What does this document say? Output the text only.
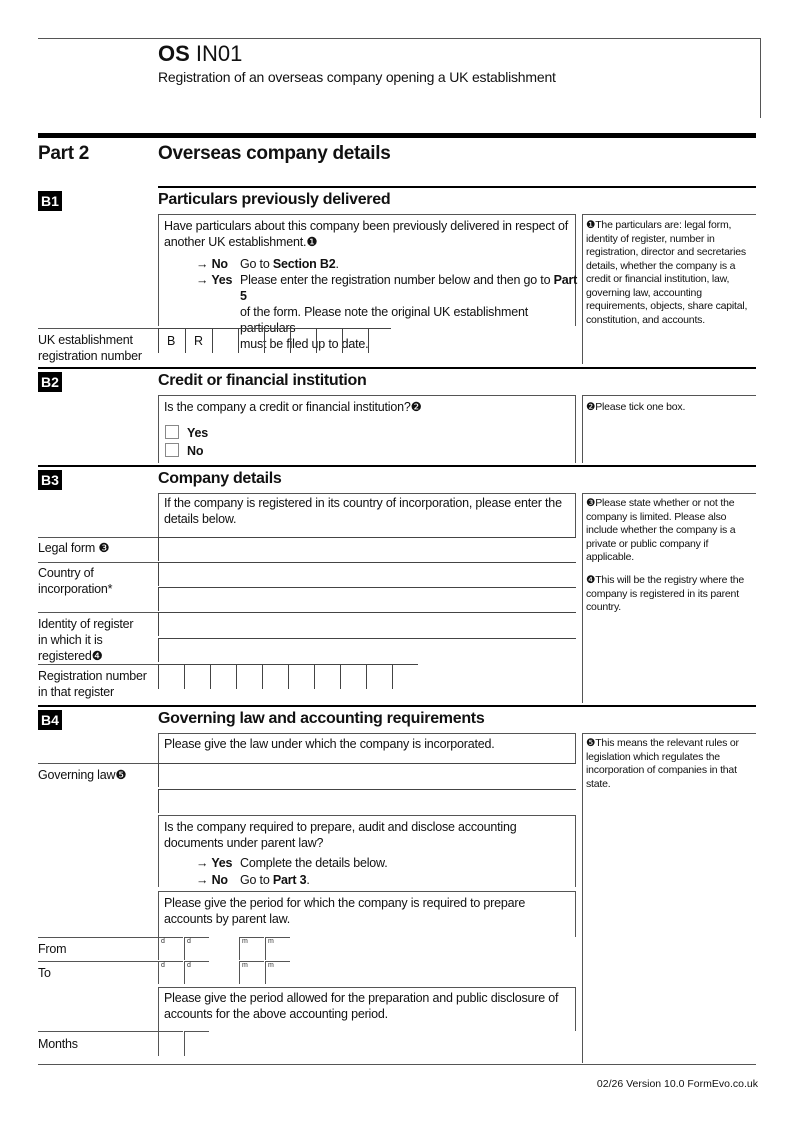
OS IN01
Registration of an overseas company opening a UK establishment
Part 2	Overseas company details
B1	Particulars previously delivered
Have particulars about this company been previously delivered in respect of another UK establishment.❶
→ No Go to Section B2.
→ Yes Please enter the registration number below and then go to Part 5
of the form. Please note the original UK establishment particulars
must be filed up to date.
UK establishment
registration number
B R
❶The particulars are: legal form, identity of register, number in registration, director and secretaries details, whether the company is a credit or financial institution, law, governing law, accounting requirements, objects, share capital, constitution, and accounts.
B2	Credit or financial institution
Is the company a credit or financial institution?❷
Yes
No
❷Please tick one box.
B3	Company details
If the company is registered in its country of incorporation, please enter the details below.
Legal form ❸
Country of
incorporation*
Identity of register
in which it is
registered❹
Registration number
in that register
❸Please state whether or not the company is limited. Please also include whether the company is a private or public company if applicable.
❹This will be the registry where the company is registered in its parent country.
B4	Governing law and accounting requirements
Please give the law under which the company is incorporated.
Governing law❺
Is the company required to prepare, audit and disclose accounting documents under parent law?
→ Yes Complete the details below.
→ No Go to Part 3.
Please give the period for which the company is required to prepare accounts by parent law.
From
d	d	m	m
To
d	d	m	m
Please give the period allowed for the preparation and public disclosure of accounts for the above accounting period.
Months
❺This means the relevant rules or legislation which regulates the incorporation of companies in that state.
02/26 Version 10.0 FormEvo.co.uk
